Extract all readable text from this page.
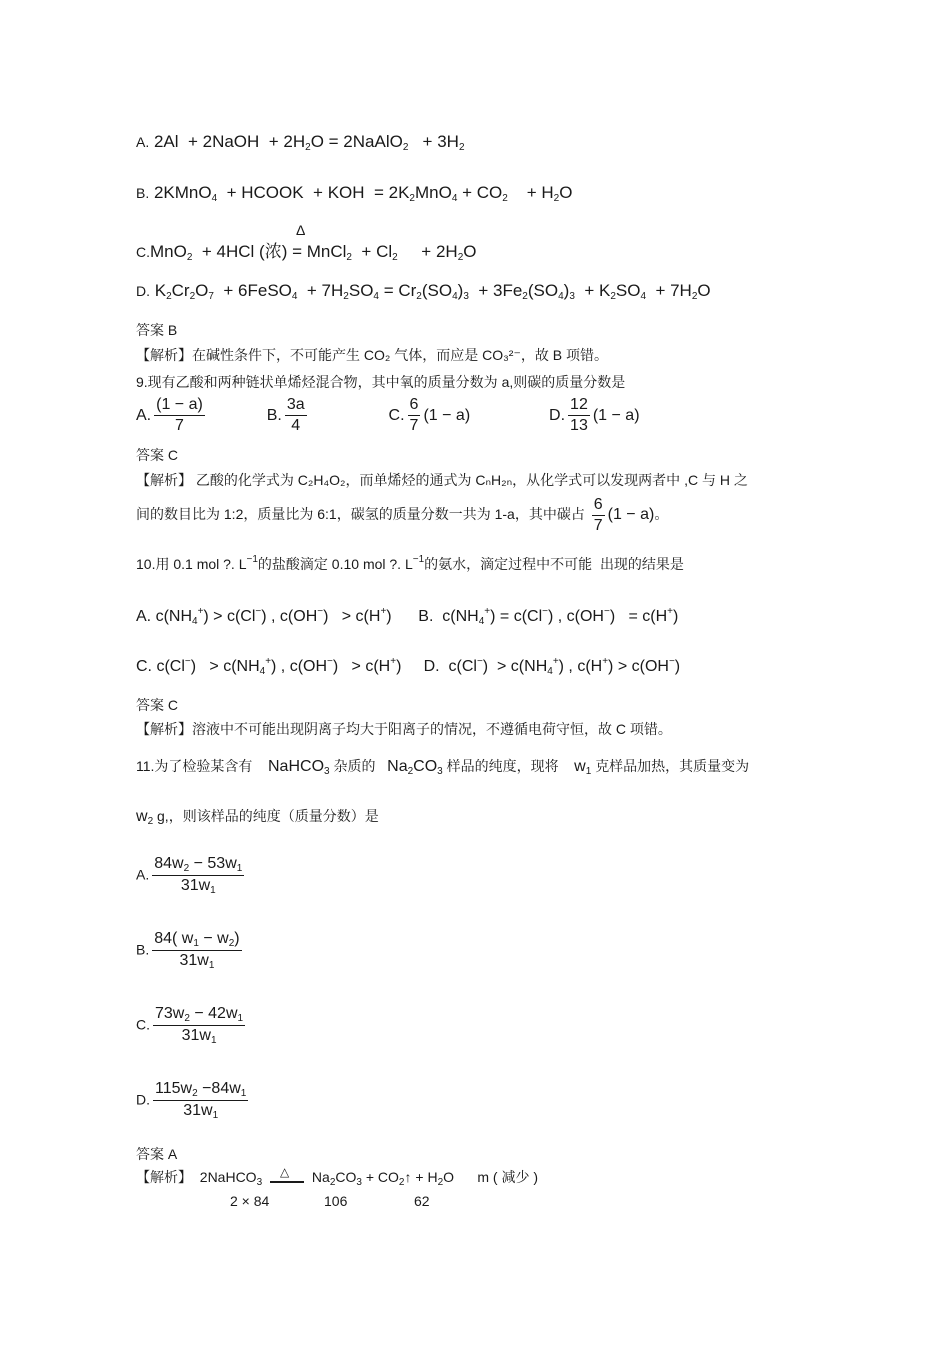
A. 2Al  + 2NaOH  + $2H_2O$ = 2NaAlO$_2$   + $3H_2$
B. 2KMnO$_4$  + HCOOK  + KOH  = $2K_2MnO_4 + CO_2$    + $H_2O$
Δ
C.MnO$_2$  + 4HCl (浓) = MnCl$_2$  + $Cl_2$     + $2H_2O$
D. $K_2Cr_2O_7$  + 6FeSO$_4$  + $7H_2SO_4 = Cr_2(SO_4)_3 + 3Fe_2(SO_4)_3 + K_2SO_4 + 7H_2O$
答案 B
【解析】在碱性条件下，不可能产生 CO₂ 气体，而应是 CO₃²⁻，故 B 项错。
9.现有乙酸和两种链状单烯烃混合物，其中氧的质量分数为 a,则碳的质量分数是
A. $\frac{(1 - a)}{7}$	B. $\frac{3a}{4}$	C. $\frac{6}{7} (1 - a)$	D. $\frac{12}{13} (1 - a)$
答案 C
【解析】 乙酸的化学式为 C₂H₄O₂，而单烯烃的通式为 CₙH₂ₙ，从化学式可以发现两者中 ,C 与 H 之
间的数目比为 1:2，质量比为 6:1，碳氢的质量分数一共为 1-a，其中碳占 $\frac{6}{7} (1 - a)$。
10.用 0.1 mol ?. $L^{-1}$的盐酸滴定 0.10 mol ?. $L^{-1}$的氨水，滴定过程中不可能 出现的结果是
A. $c(NH_4^+) > c(Cl^-)$ , c(OH−)   > c(H+) B.  $c(NH_4^+) = c(Cl^-)$ , c(OH−)   = c(H+)
C. $c(Cl^-) > c(NH_4^+)$ , c(OH−)   > c(H+) D.  $c(Cl^-) > c(NH_4^+)$ , c(H+) > c(OH−)
答案 C
【解析】溶液中不可能出现阴离子均大于阳离子的情况，不遵循电荷守恒，故 C 项错。
11.为了检验某含有 NaHCO$_3$ 杂质的 $Na_2CO_3$ 样品的纯度，现将 $w_1$ 克样品加热，其质量变为
$w_2$ g,，则该样品的纯度（质量分数）是
A. $\frac{84w_2 - 53w_1}{31w_1}$
B. $\frac{84( w_1 - w_2)}{31w_1}$
C. $\frac{73w_2 - 42w_1}{31w_1}$
D. $\frac{115w_2 -84w_1}{31w_1}$
答案 A
【解析】  2NaHCO$_3$
△ $Na_2CO_3$ + $CO_2↑ + H_2O$      m ( 减少 )
2 × 84	106	62
